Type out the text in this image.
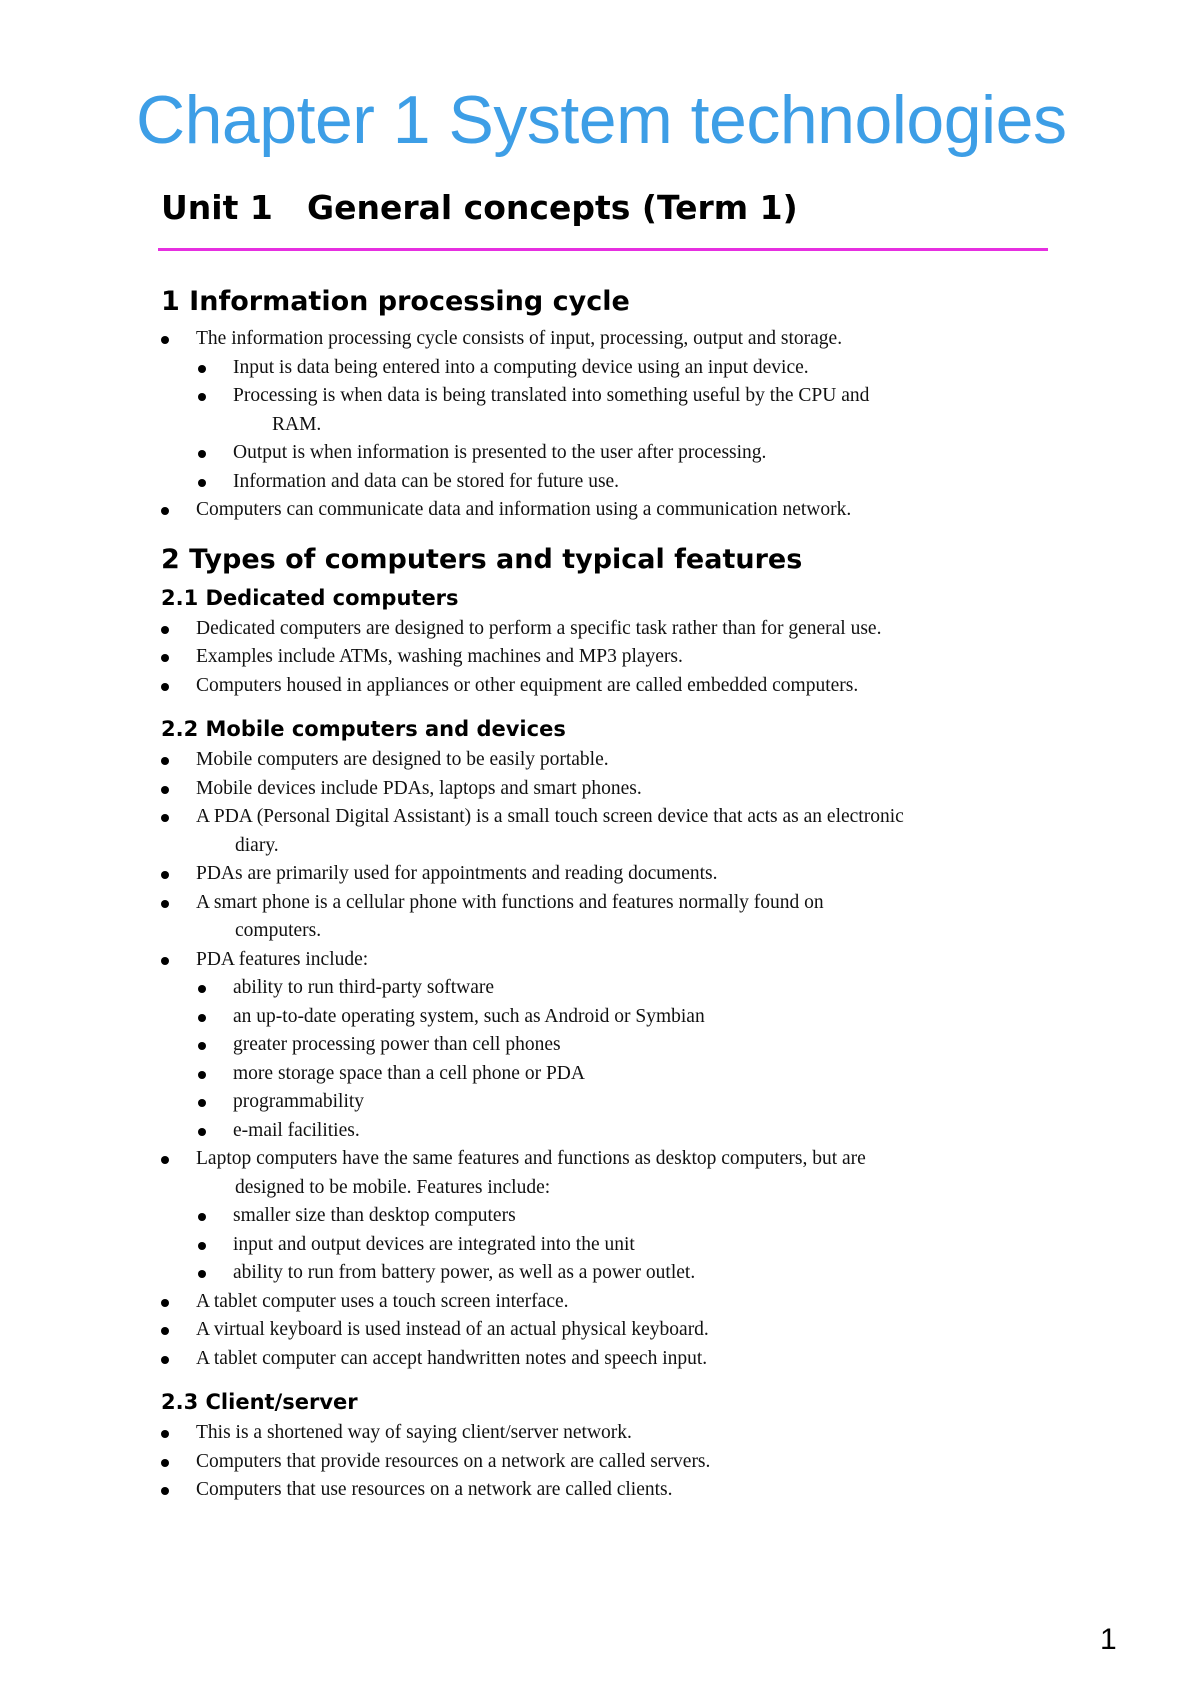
Chapter 1 System technologies
Unit 1 General concepts (Term 1)
1 Information processing cycle
The information processing cycle consists of input, processing, output and storage.
Input is data being entered into a computing device using an input device.
Processing is when data is being translated into something useful by the CPU and
RAM.
Output is when information is presented to the user after processing.
Information and data can be stored for future use.
Computers can communicate data and information using a communication network.
2 Types of computers and typical features
2.1 Dedicated computers
Dedicated computers are designed to perform a specific task rather than for general use.
Examples include ATMs, washing machines and MP3 players.
Computers housed in appliances or other equipment are called embedded computers.
2.2 Mobile computers and devices
Mobile computers are designed to be easily portable.
Mobile devices include PDAs, laptops and smart phones.
A PDA (Personal Digital Assistant) is a small touch screen device that acts as an electronic
diary.
PDAs are primarily used for appointments and reading documents.
A smart phone is a cellular phone with functions and features normally found on
computers.
PDA features include:
ability to run third-party software
an up-to-date operating system, such as Android or Symbian
greater processing power than cell phones
more storage space than a cell phone or PDA
programmability
e-mail facilities.
Laptop computers have the same features and functions as desktop computers, but are
designed to be mobile. Features include:
smaller size than desktop computers
input and output devices are integrated into the unit
ability to run from battery power, as well as a power outlet.
A tablet computer uses a touch screen interface.
A virtual keyboard is used instead of an actual physical keyboard.
A tablet computer can accept handwritten notes and speech input.
2.3 Client/server
This is a shortened way of saying client/server network.
Computers that provide resources on a network are called servers.
Computers that use resources on a network are called clients.
1
